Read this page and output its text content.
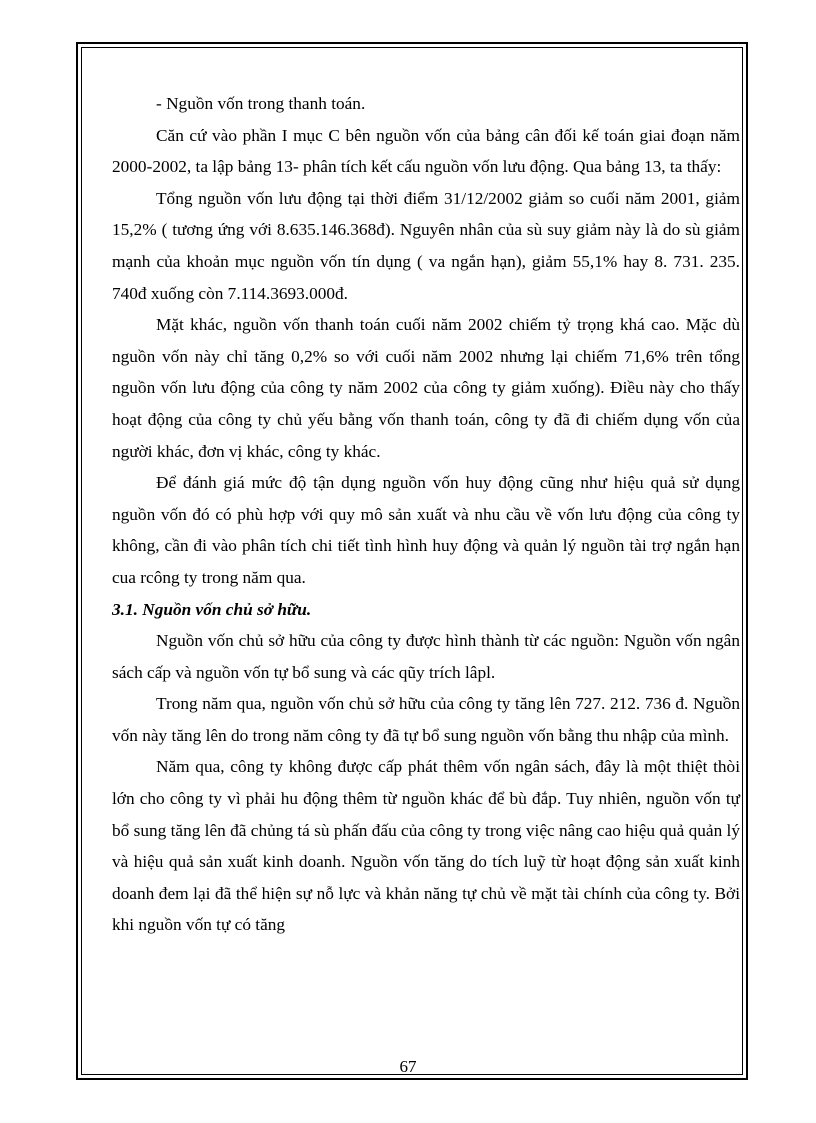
- Nguồn vốn trong thanh toán.

Căn cứ vào phần I mục C bên nguồn vốn của bảng cân đối kế toán giai đoạn năm 2000-2002, ta lập bảng 13- phân tích kết cấu nguồn vốn lưu động. Qua bảng 13, ta thấy:

Tổng nguồn vốn lưu động tại thời điểm 31/12/2002 giảm so cuối năm 2001, giảm 15,2% ( tương ứng với 8.635.146.368đ). Nguyên nhân của sù suy giảm này là do sù giảm mạnh của khoản mục nguồn vốn tín dụng ( va ngắn hạn), giảm 55,1% hay 8. 731. 235. 740đ xuống còn 7.114.3693.000đ.

Mặt khác, nguồn vốn thanh toán cuối năm 2002 chiếm tỷ trọng khá cao. Mặc dù nguồn vốn này chỉ tăng 0,2% so với cuối năm 2002 nhưng lại chiếm 71,6% trên tổng nguồn vốn lưu động của công ty năm 2002 của công ty giảm xuống). Điều này cho thấy hoạt động của công ty chủ yếu bằng vốn thanh toán, công ty đã đi chiếm dụng vốn của người khác, đơn vị khác, công ty khác.

Để đánh giá mức độ tận dụng nguồn vốn huy động cũng như hiệu quả sử dụng nguồn vốn đó có phù hợp với quy mô sản xuất và nhu cầu về vốn lưu động của công ty không, cần đi vào phân tích chi tiết tình hình huy động và quản lý nguồn tài trợ ngắn hạn cua rcông ty trong năm qua.

3.1. Nguồn vốn chủ sở hữu.

Nguồn vốn chủ sở hữu của công ty được hình thành từ các nguồn: Nguồn vốn ngân sách cấp và nguồn vốn tự bổ sung và các qũy trích lâpl.

Trong năm qua, nguồn vốn chủ sở hữu của công ty tăng lên 727. 212. 736 đ. Nguồn vốn này tăng lên do trong năm công ty đã tự bổ sung nguồn vốn bằng thu nhập của mình.

Năm qua, công ty không được cấp phát thêm vốn ngân sách, đây là một thiệt thòi lớn cho công ty vì phải hu động thêm từ nguồn khác để bù đắp. Tuy nhiên, nguồn vốn tự bổ sung tăng lên đã chủng tá sù phấn đấu của công ty trong việc nâng cao hiệu quả quản lý và hiệu quả sản xuất kinh doanh. Nguồn vốn tăng do tích luỹ từ hoạt động sản xuất kinh doanh đem lại đã thể hiện sự nỗ lực và khản năng tự chủ về mặt tài chính của công ty. Bởi khi nguồn vốn tự có tăng

67
